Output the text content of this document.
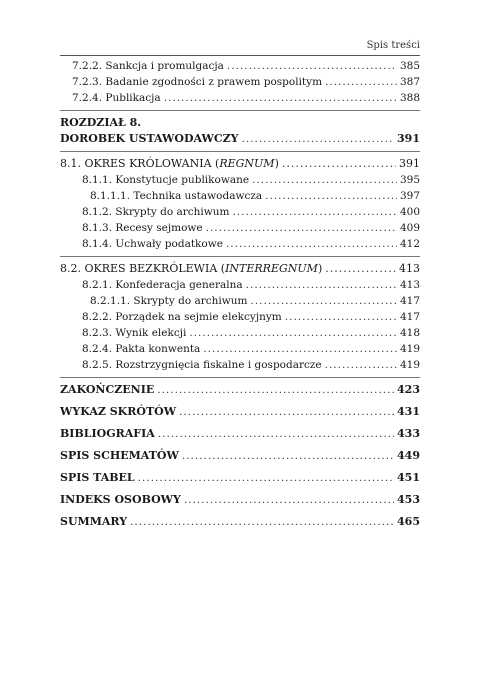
Spis treści
7.2.2. Sankcja i promulgacja .....	385
7.2.3. Badanie zgodności z prawem pospolitym .....	387
7.2.4. Publikacja .....	388
ROZDZIAŁ 8.
DOROBEK USTAWODAWCZY .....	391
8.1. OKRES KRÓLOWANIA (REGNUM) .....	391
8.1.1. Konstytucje publikowane .....	395
8.1.1.1. Technika ustawodawcza .....	397
8.1.2. Skrypty do archiwum .....	400
8.1.3. Recesy sejmowe .....	409
8.1.4. Uchwały podatkowe .....	412
8.2. OKRES BEZKRÓLEWIA (INTERREGNUM) .....	413
8.2.1. Konfederacja generalna .....	413
8.2.1.1. Skrypty do archiwum .....	417
8.2.2. Porządek na sejmie elekcyjnym .....	417
8.2.3. Wynik elekcji .....	418
8.2.4. Pakta konwenta .....	419
8.2.5. Rozstrzygnięcia fiskalne i gospodarcze .....	419
ZAKOŃCZENIE .....	423
WYKAZ SKRÓTÓW .....	431
BIBLIOGRAFIA .....	433
SPIS SCHEMATÓW .....	449
SPIS TABEL .....	451
INDEKS OSOBOWY .....	453
SUMMARY .....	465
